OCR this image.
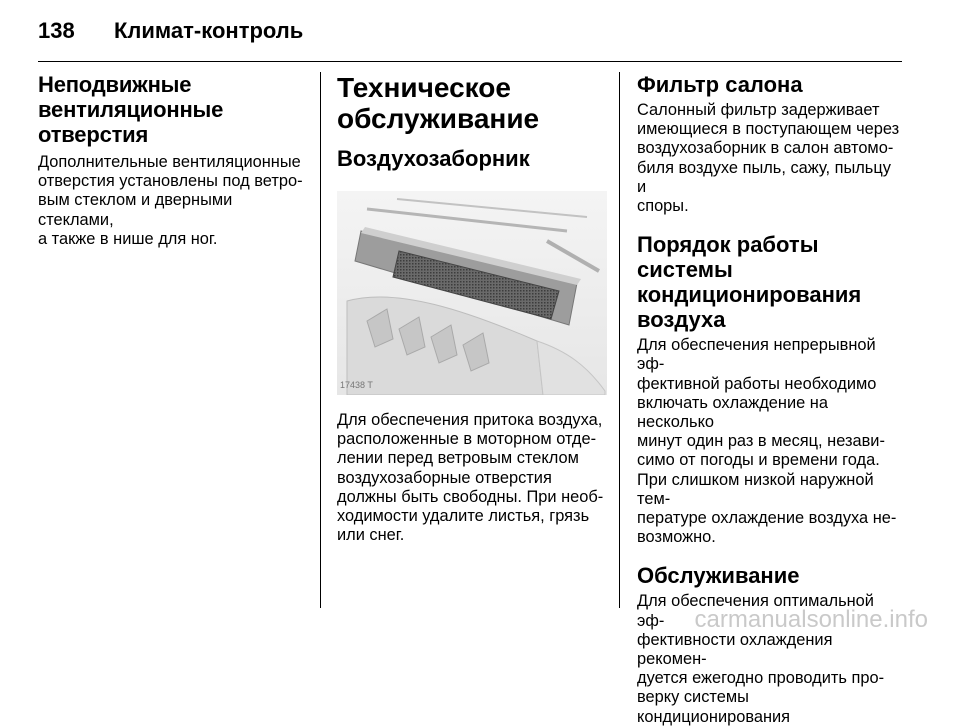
138	Климат-контроль
Неподвижные
вентиляционные
отверстия
Дополнительные вентиляционные
отверстия установлены под ветро-
вым стеклом и дверными стеклами,
а также в нише для ног.
Техническое
обслуживание
Воздухозаборник
17438 T
Для обеспечения притока воздуха,
расположенные в моторном отде-
лении перед ветровым стеклом
воздухозаборные отверстия
должны быть свободны. При необ-
ходимости удалите листья, грязь
или снег.
Фильтр салона
Салонный фильтр задерживает
имеющиеся в поступающем через
воздухозаборник в салон автомо-
биля воздухе пыль, сажу, пыльцу и
споры.
Порядок работы системы
кондиционирования
воздуха
Для обеспечения непрерывной эф-
фективной работы необходимо
включать охлаждение на несколько
минут один раз в месяц, незави-
симо от погоды и времени года.
При слишком низкой наружной тем-
пературе охлаждение воздуха не-
возможно.
Обслуживание
Для обеспечения оптимальной эф-
фективности охлаждения рекомен-
дуется ежегодно проводить про-
верку системы кондиционирования
carmanualsonline.info
